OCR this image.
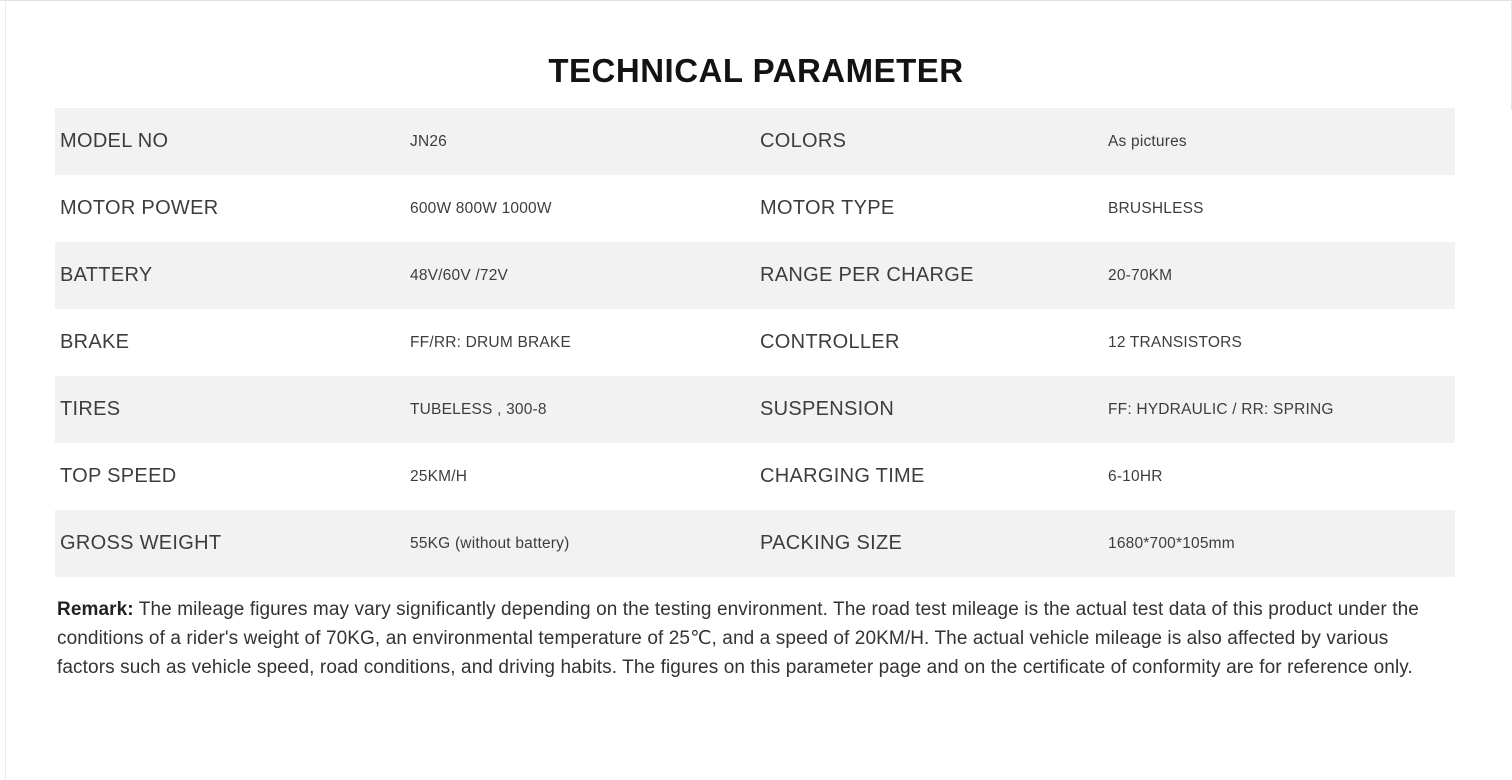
TECHNICAL PARAMETER
MODEL NO	JN26	COLORS	As pictures
MOTOR POWER	600W 800W 1000W	MOTOR TYPE	BRUSHLESS
BATTERY	48V/60V /72V	RANGE PER CHARGE	20-70KM
BRAKE	FF/RR: DRUM BRAKE	CONTROLLER	12 TRANSISTORS
TIRES	TUBELESS , 300-8	SUSPENSION	FF: HYDRAULIC / RR: SPRING
TOP SPEED	25KM/H	CHARGING TIME	6-10HR
GROSS WEIGHT	55KG (without battery)	PACKING SIZE	1680*700*105mm

Remark: The mileage figures may vary significantly depending on the testing environment. The road test mileage is the actual test data of this product under the conditions of a rider's weight of 70KG, an environmental temperature of 25℃, and a speed of 20KM/H. The actual vehicle mileage is also affected by various factors such as vehicle speed, road conditions, and driving habits. The figures on this parameter page and on the certificate of conformity are for reference only.
